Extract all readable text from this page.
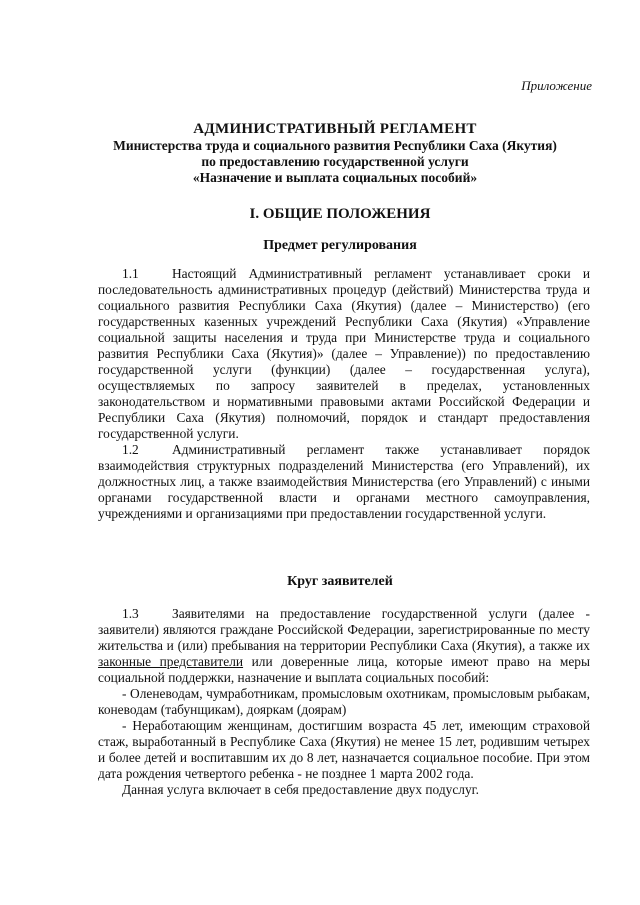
Приложение
АДМИНИСТРАТИВНЫЙ РЕГЛАМЕНТ
Министерства труда и социального развития Республики Саха (Якутия)
по предоставлению государственной услуги
«Назначение и выплата социальных пособий»
I. ОБЩИЕ ПОЛОЖЕНИЯ
Предмет регулирования

1.1 Настоящий Административный регламент устанавливает сроки и последовательность административных процедур (действий) Министерства труда и социального развития Республики Саха (Якутия) (далее – Министерство) (его государственных казенных учреждений Республики Саха (Якутия) «Управление социальной защиты населения и труда при Министерстве труда и социального развития Республики Саха (Якутия)» (далее – Управление)) по предоставлению государственной услуги (функции) (далее – государственная услуга), осуществляемых по запросу заявителей в пределах, установленных законодательством и нормативными правовыми актами Российской Федерации и Республики Саха (Якутия) полномочий, порядок и стандарт предоставления государственной услуги.

1.2 Административный регламент также устанавливает порядок взаимодействия структурных подразделений Министерства (его Управлений), их должностных лиц, а также взаимодействия Министерства (его Управлений) с иными органами государственной власти и органами местного самоуправления, учреждениями и организациями при предоставлении государственной услуги.

Круг заявителей

1.3 Заявителями на предоставление государственной услуги (далее - заявители) являются граждане Российской Федерации, зарегистрированные по месту жительства и (или) пребывания на территории Республики Саха (Якутия), а также их законные представители или доверенные лица, которые имеют право на меры социальной поддержки, назначение и выплата социальных пособий:

- Оленеводам, чумработникам, промысловым охотникам, промысловым рыбакам, коневодам (табунщикам), дояркам (доярам)

- Неработающим женщинам, достигшим возраста 45 лет, имеющим страховой стаж, выработанный в Республике Саха (Якутия) не менее 15 лет, родившим четырех и более детей и воспитавшим их до 8 лет, назначается социальное пособие. При этом дата рождения четвертого ребенка - не позднее 1 марта 2002 года.

Данная услуга включает в себя предоставление двух подуслуг.
